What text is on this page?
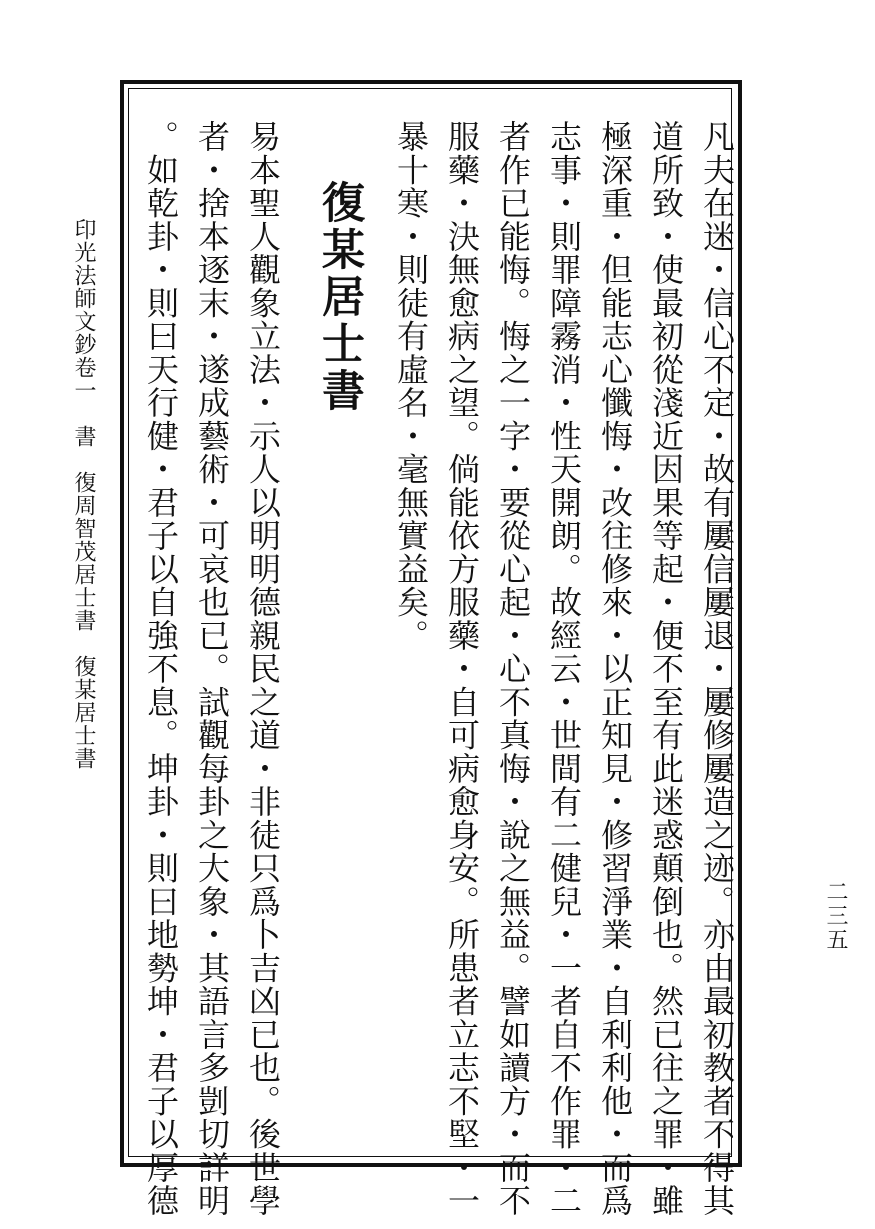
印光法師文鈔卷一　書　復周智茂居士書　復某居士書
二三五
凡夫在迷・信心不定・故有屢信屢退・屢修屢造之迹。亦由最初教者不得其
道所致・使最初從淺近因果等起・便不至有此迷惑顛倒也。然已往之罪・雖
極深重・但能志心懺悔・改往修來・以正知見・修習淨業・自利利他・而爲
志事・則罪障霧消・性天開朗。故經云・世間有二健兒・一者自不作罪・二
者作已能悔。悔之一字・要從心起・心不真悔・說之無益。譬如讀方・而不
服藥・決無愈病之望。倘能依方服藥・自可病愈身安。所患者立志不堅・一
暴十寒・則徒有虛名・毫無實益矣。
復某居士書
易本聖人觀象立法・示人以明明德親民之道・非徒只爲卜吉凶已也。後世學
者・捨本逐末・遂成藝術・可哀也已。試觀每卦之大象・其語言多剴切詳明
。如乾卦・則曰天行健・君子以自強不息。坤卦・則曰地勢坤・君子以厚德
